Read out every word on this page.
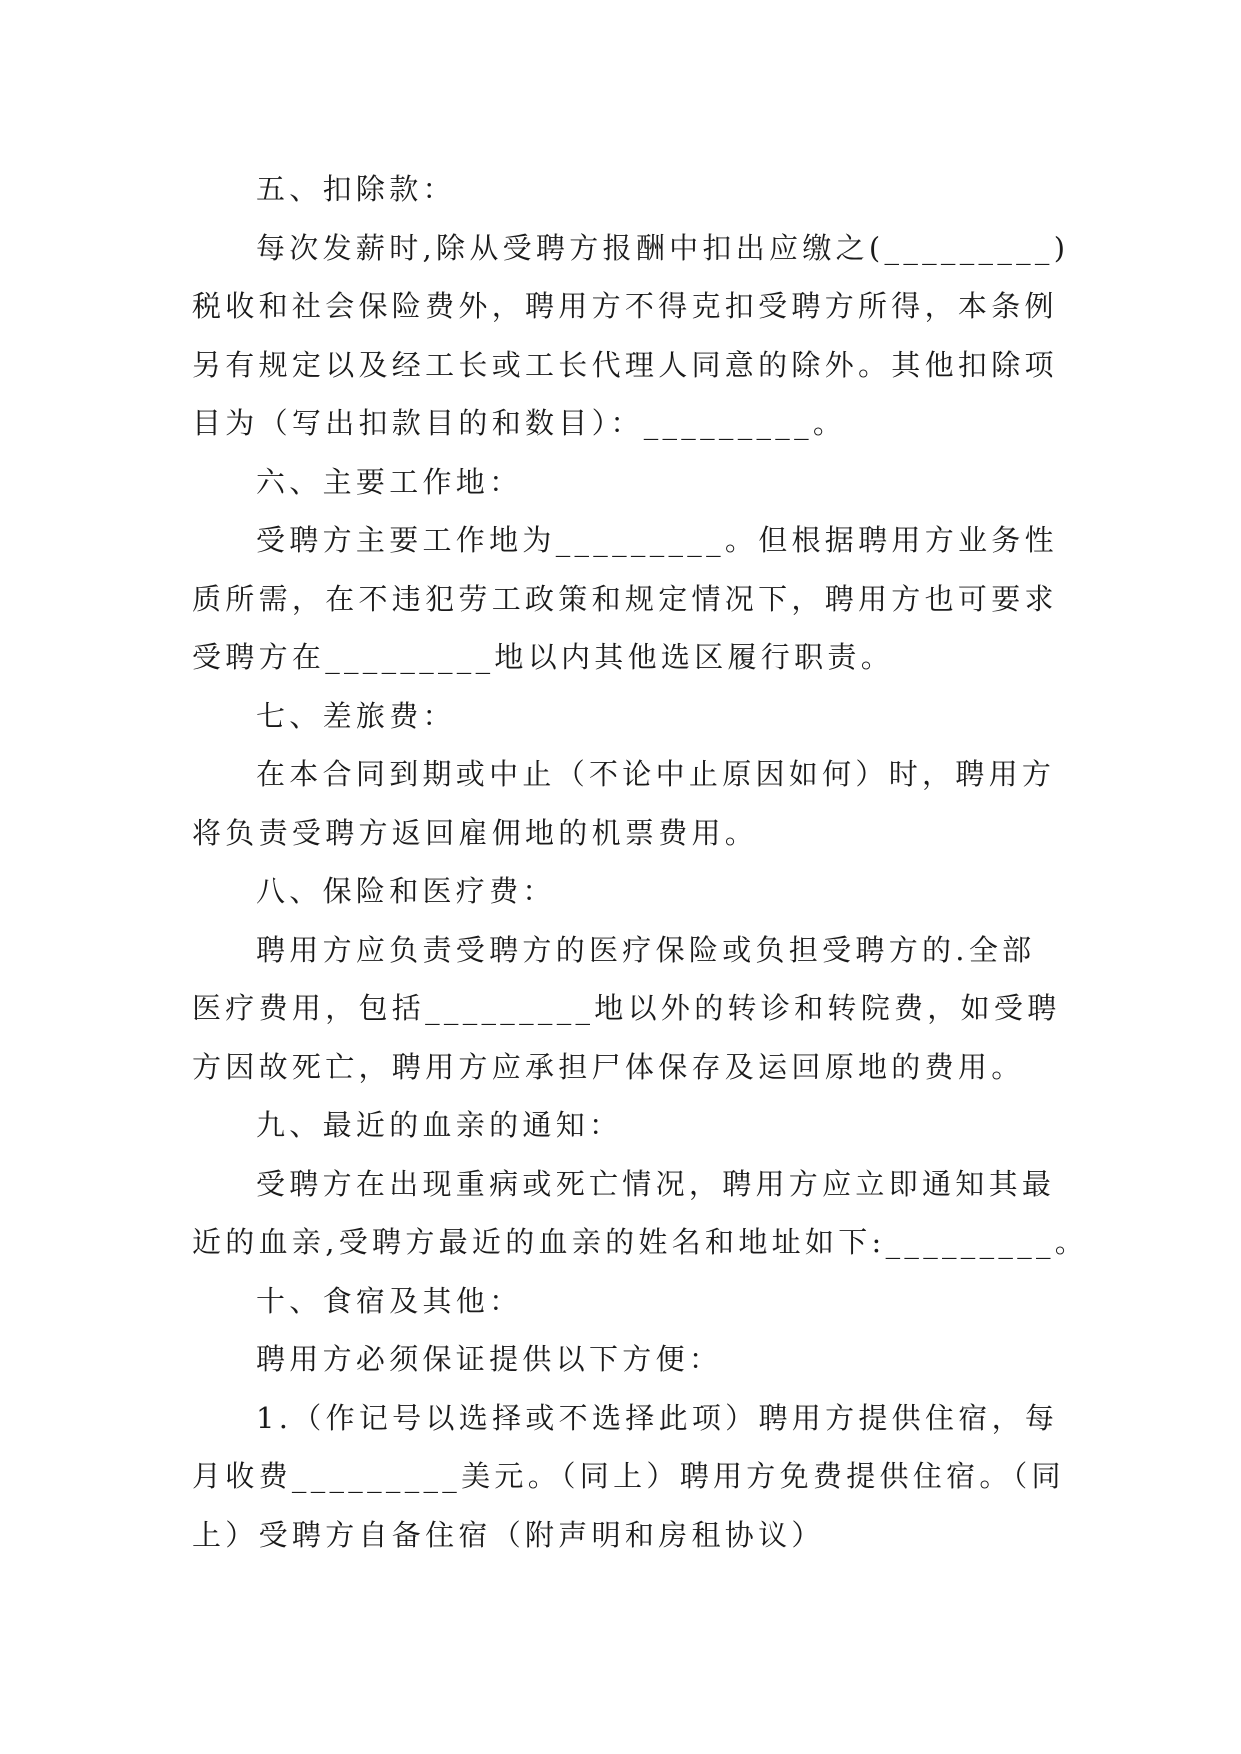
五、扣除款：
每次发薪时,除从受聘方报酬中扣出应缴之(_________)
税收和社会保险费外，聘用方不得克扣受聘方所得，本条例
另有规定以及经工长或工长代理人同意的除外。其他扣除项
目为（写出扣款目的和数目）：_________。
六、主要工作地：
受聘方主要工作地为_________。但根据聘用方业务性
质所需，在不违犯劳工政策和规定情况下，聘用方也可要求
受聘方在_________地以内其他选区履行职责。
七、差旅费：
在本合同到期或中止（不论中止原因如何）时，聘用方
将负责受聘方返回雇佣地的机票费用。
八、保险和医疗费：
聘用方应负责受聘方的医疗保险或负担受聘方的.全部
医疗费用，包括_________地以外的转诊和转院费，如受聘
方因故死亡，聘用方应承担尸体保存及运回原地的费用。
九、最近的血亲的通知：
受聘方在出现重病或死亡情况，聘用方应立即通知其最
近的血亲,受聘方最近的血亲的姓名和地址如下:_________。
十、食宿及其他：
聘用方必须保证提供以下方便：
1.（作记号以选择或不选择此项）聘用方提供住宿，每
月收费_________美元。（同上）聘用方免费提供住宿。（同
上）受聘方自备住宿（附声明和房租协议）
